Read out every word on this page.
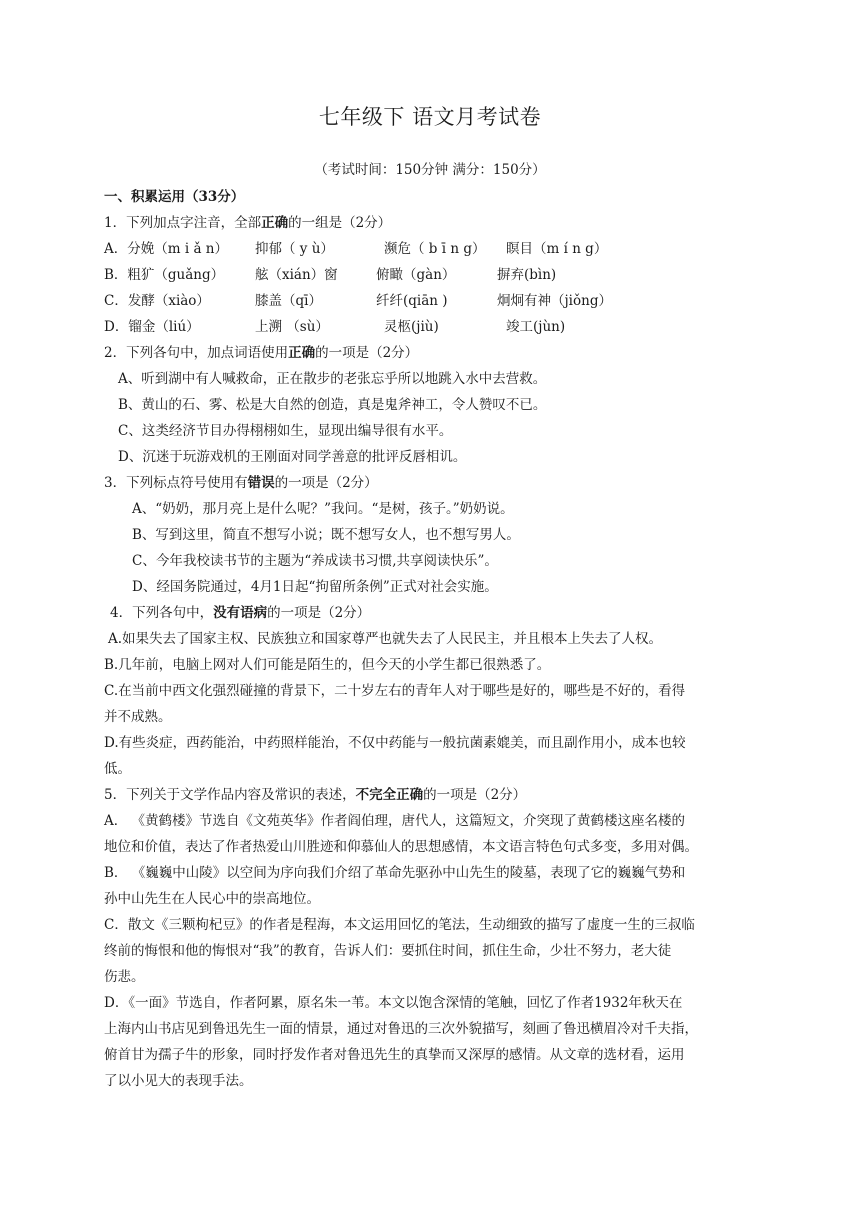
七年级下 语文月考试卷
（考试时间：150分钟 满分：150分）
一、积累运用（33分）
1．下列加点字注音，全部正确的一组是（2分）
A．分娩（m i ǎ n） 抑郁（ y ù）	濒危（ b ī n g） 瞑目（m í n g）
B．粗犷（guǎng） 舷（xián）窗	俯瞰（gàn）	摒弃(bìn)
C．发酵（xiào）	膝盖（qī）	纤纤(qiān )	炯炯有神（jiǒng）
D．镏金（liú）	上溯 （sù）	灵柩(jiù)	竣工(jùn)
2．下列各句中，加点词语使用正确的一项是（2分）
A、听到湖中有人喊救命，正在散步的老张忘乎所以地跳入水中去营救。
B、黄山的石、雾、松是大自然的创造，真是鬼斧神工，令人赞叹不已。
C、这类经济节目办得栩栩如生，显现出编导很有水平。
D、沉迷于玩游戏机的王刚面对同学善意的批评反唇相讥。
3．下列标点符号使用有错误的一项是（2分）
A、“奶奶，那月亮上是什么呢？”我问。“是树，孩子。”奶奶说。
B、写到这里，简直不想写小说；既不想写女人，也不想写男人。
C、今年我校读书节的主题为“养成读书习惯,共享阅读快乐”。
D、经国务院通过，4月1日起“拘留所条例”正式对社会实施。
4．下列各句中，没有语病的一项是（2分）
A.如果失去了国家主权、民族独立和国家尊严也就失去了人民民主，并且根本上失去了人权。
B.几年前，电脑上网对人们可能是陌生的，但今天的小学生都已很熟悉了。
C.在当前中西文化强烈碰撞的背景下，二十岁左右的青年人对于哪些是好的，哪些是不好的，看得
并不成熟。
D.有些炎症，西药能治，中药照样能治，不仅中药能与一般抗菌素媲美，而且副作用小，成本也较
低。
5．下列关于文学作品内容及常识的表述，不完全正确的一项是（2分）
A． 《黄鹤楼》节选自《文苑英华》作者阎伯理，唐代人，这篇短文，介突现了黄鹤楼这座名楼的
地位和价值，表达了作者热爱山川胜迹和仰慕仙人的思想感情，本文语言特色句式多变，多用对偶。
B． 《巍巍中山陵》以空间为序向我们介绍了革命先驱孙中山先生的陵墓，表现了它的巍巍气势和
孙中山先生在人民心中的崇高地位。
C．散文《三颗枸杞豆》的作者是程海，本文运用回忆的笔法，生动细致的描写了虚度一生的三叔临
终前的悔恨和他的悔恨对“我”的教育，告诉人们：要抓住时间，抓住生命，少壮不努力，老大徒
伤悲。
D．《一面》节选自，作者阿累，原名朱一苇。本文以饱含深情的笔触，回忆了作者1932年秋天在
上海内山书店见到鲁迅先生一面的情景，通过对鲁迅的三次外貌描写，刻画了鲁迅横眉冷对千夫指，
俯首甘为孺子牛的形象，同时抒发作者对鲁迅先生的真挚而又深厚的感情。从文章的选材看，运用
了以小见大的表现手法。
